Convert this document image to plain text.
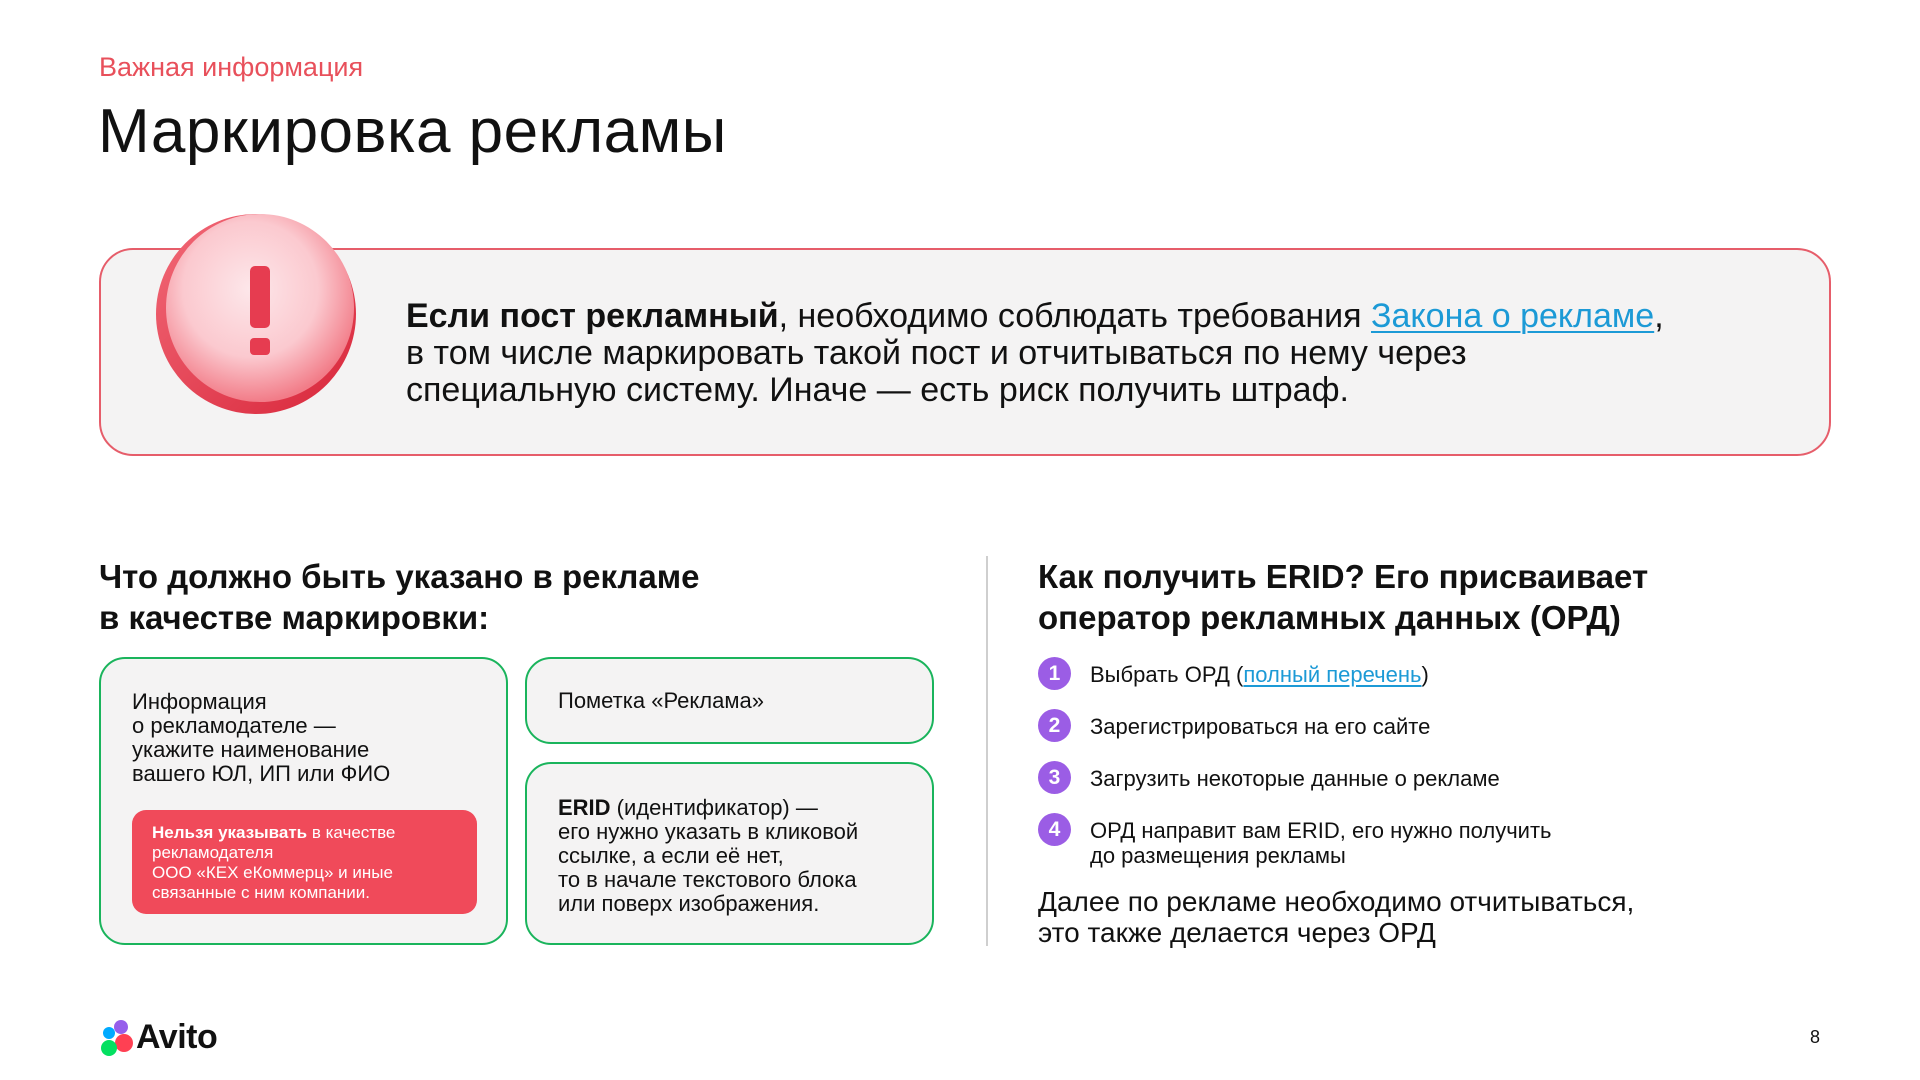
Важная информация
Маркировка рекламы
Если пост рекламный, необходимо соблюдать требования Закона о рекламе,
в том числе маркировать такой пост и отчитываться по нему через
специальную систему. Иначе — есть риск получить штраф.
Что должно быть указано в рекламе
в качестве маркировки:
Информация
о рекламодателе —
укажите наименование
вашего ЮЛ, ИП или ФИО
Нельзя указывать в качестве
рекламодателя
ООО «КЕХ еКоммерц» и иные
связанные с ним компании.
Пометка «Реклама»
ERID (идентификатор) —
его нужно указать в кликовой
ссылке, а если её нет,
то в начале текстового блока
или поверх изображения.
Как получить ERID? Его присваивает
оператор рекламных данных (ОРД)
1	Выбрать ОРД (полный перечень)
2	Зарегистрироваться на его сайте
3	Загрузить некоторые данные о рекламе
4	ОРД направит вам ERID, его нужно получить
до размещения рекламы
Далее по рекламе необходимо отчитываться,
это также делается через ОРД
Avito	8
